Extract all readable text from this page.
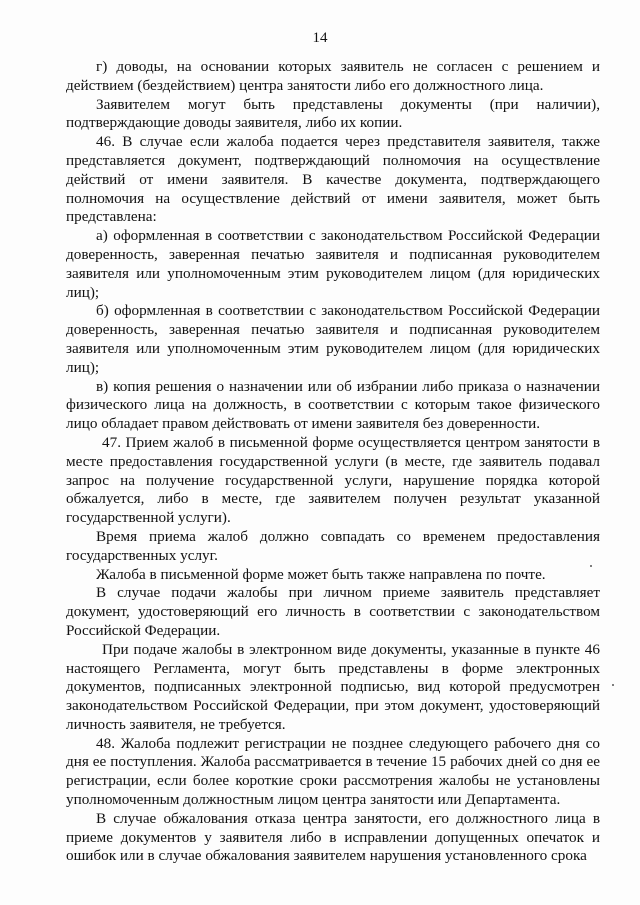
14

г) доводы, на основании которых заявитель не согласен с решением и действием (бездействием) центра занятости либо его должностного лица.

Заявителем могут быть представлены документы (при наличии), подтверждающие доводы заявителя, либо их копии.

46. В случае если жалоба подается через представителя заявителя, также представляется документ, подтверждающий полномочия на осуществление действий от имени заявителя. В качестве документа, подтверждающего полномочия на осуществление действий от имени заявителя, может быть представлена:

а) оформленная в соответствии с законодательством Российской Федерации доверенность, заверенная печатью заявителя и подписанная руководителем заявителя или уполномоченным этим руководителем лицом (для юридических лиц);

б) оформленная в соответствии с законодательством Российской Федерации доверенность, заверенная печатью заявителя и подписанная руководителем заявителя или уполномоченным этим руководителем лицом (для юридических лиц);

в) копия решения о назначении или об избрании либо приказа о назначении физического лица на должность, в соответствии с которым такое физического лицо обладает правом действовать от имени заявителя без доверенности.

47. Прием жалоб в письменной форме осуществляется центром занятости в месте предоставления государственной услуги (в месте, где заявитель подавал запрос на получение государственной услуги, нарушение порядка которой обжалуется, либо в месте, где заявителем получен результат указанной государственной услуги).

Время приема жалоб должно совпадать со временем предоставления государственных услуг.

Жалоба в письменной форме может быть также направлена по почте.

В случае подачи жалобы при личном приеме заявитель представляет документ, удостоверяющий его личность в соответствии с законодательством Российской Федерации.

При подаче жалобы в электронном виде документы, указанные в пункте 46 настоящего Регламента, могут быть представлены в форме электронных документов, подписанных электронной подписью, вид которой предусмотрен законодательством Российской Федерации, при этом документ, удостоверяющий личность заявителя, не требуется.

48. Жалоба подлежит регистрации не позднее следующего рабочего дня со дня ее поступления. Жалоба рассматривается в течение 15 рабочих дней со дня ее регистрации, если более короткие сроки рассмотрения жалобы не установлены уполномоченным должностным лицом центра занятости или Департамента.

В случае обжалования отказа центра занятости, его должностного лица в приеме документов у заявителя либо в исправлении допущенных опечаток и ошибок или в случае обжалования заявителем нарушения установленного срока
